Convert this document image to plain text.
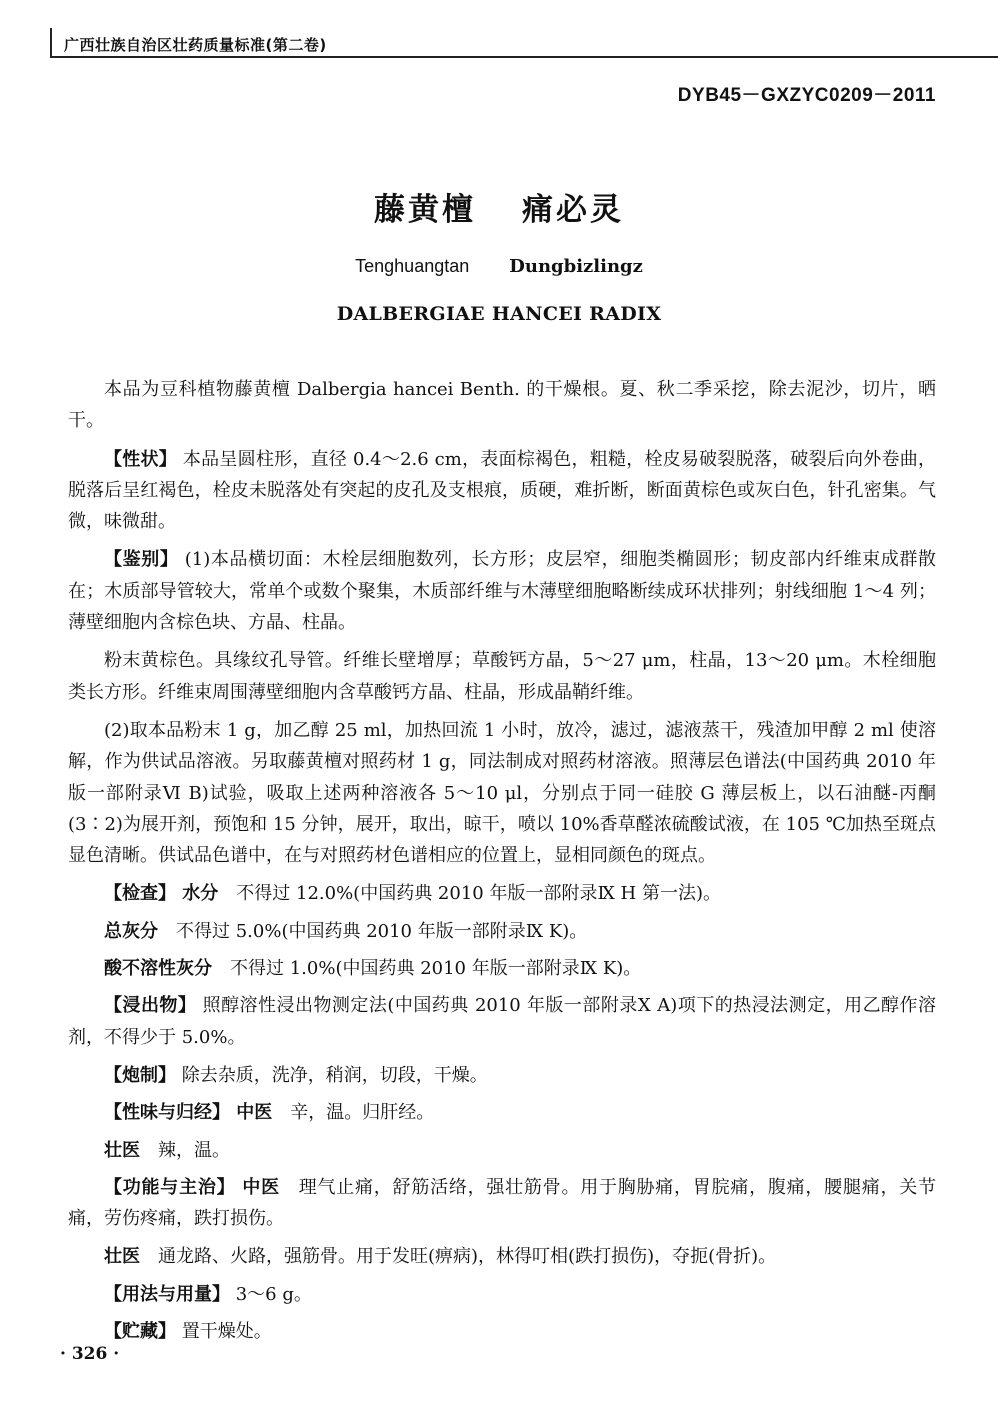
广西壮族自治区壮药质量标准(第二卷)
DYB45－GXZYC0209－2011
藤黄檀 痛必灵
Tenghuangtan Dungbizlingz
DALBERGIAE HANCEI RADIX

本品为豆科植物藤黄檀 Dalbergia hancei Benth. 的干燥根。夏、秋二季采挖，除去泥沙，切片，晒干。

【性状】 本品呈圆柱形，直径 0.4～2.6 cm，表面棕褐色，粗糙，栓皮易破裂脱落，破裂后向外卷曲，脱落后呈红褐色，栓皮未脱落处有突起的皮孔及支根痕，质硬，难折断，断面黄棕色或灰白色，针孔密集。气微，味微甜。

【鉴别】 (1)本品横切面：木栓层细胞数列，长方形；皮层窄，细胞类椭圆形；韧皮部内纤维束成群散在；木质部导管较大，常单个或数个聚集，木质部纤维与木薄壁细胞略断续成环状排列；射线细胞 1～4 列；薄壁细胞内含棕色块、方晶、柱晶。

粉末黄棕色。具缘纹孔导管。纤维长壁增厚；草酸钙方晶，5～27 μm，柱晶，13～20 μm。木栓细胞类长方形。纤维束周围薄壁细胞内含草酸钙方晶、柱晶，形成晶鞘纤维。

(2)取本品粉末 1 g，加乙醇 25 ml，加热回流 1 小时，放冷，滤过，滤液蒸干，残渣加甲醇 2 ml 使溶解，作为供试品溶液。另取藤黄檀对照药材 1 g，同法制成对照药材溶液。照薄层色谱法(中国药典 2010 年版一部附录Ⅵ B)试验，吸取上述两种溶液各 5～10 μl，分别点于同一硅胶 G 薄层板上，以石油醚-丙酮(3∶2)为展开剂，预饱和 15 分钟，展开，取出，晾干，喷以 10%香草醛浓硫酸试液，在 105 ℃加热至斑点显色清晰。供试品色谱中，在与对照药材色谱相应的位置上，显相同颜色的斑点。

【检查】 水分　不得过 12.0%(中国药典 2010 年版一部附录Ⅸ H 第一法)。

总灰分　不得过 5.0%(中国药典 2010 年版一部附录Ⅸ K)。

酸不溶性灰分　不得过 1.0%(中国药典 2010 年版一部附录Ⅸ K)。

【浸出物】 照醇溶性浸出物测定法(中国药典 2010 年版一部附录Ⅹ A)项下的热浸法测定，用乙醇作溶剂，不得少于 5.0%。

【炮制】 除去杂质，洗净，稍润，切段，干燥。

【性味与归经】 中医　辛，温。归肝经。

壮医　辣，温。

【功能与主治】 中医　理气止痛，舒筋活络，强壮筋骨。用于胸胁痛，胃脘痛，腹痛，腰腿痛，关节痛，劳伤疼痛，跌打损伤。

壮医　通龙路、火路，强筋骨。用于发旺(痹病)，林得叮相(跌打损伤)，夺扼(骨折)。

【用法与用量】 3～6 g。

【贮藏】 置干燥处。

· 326 ·
